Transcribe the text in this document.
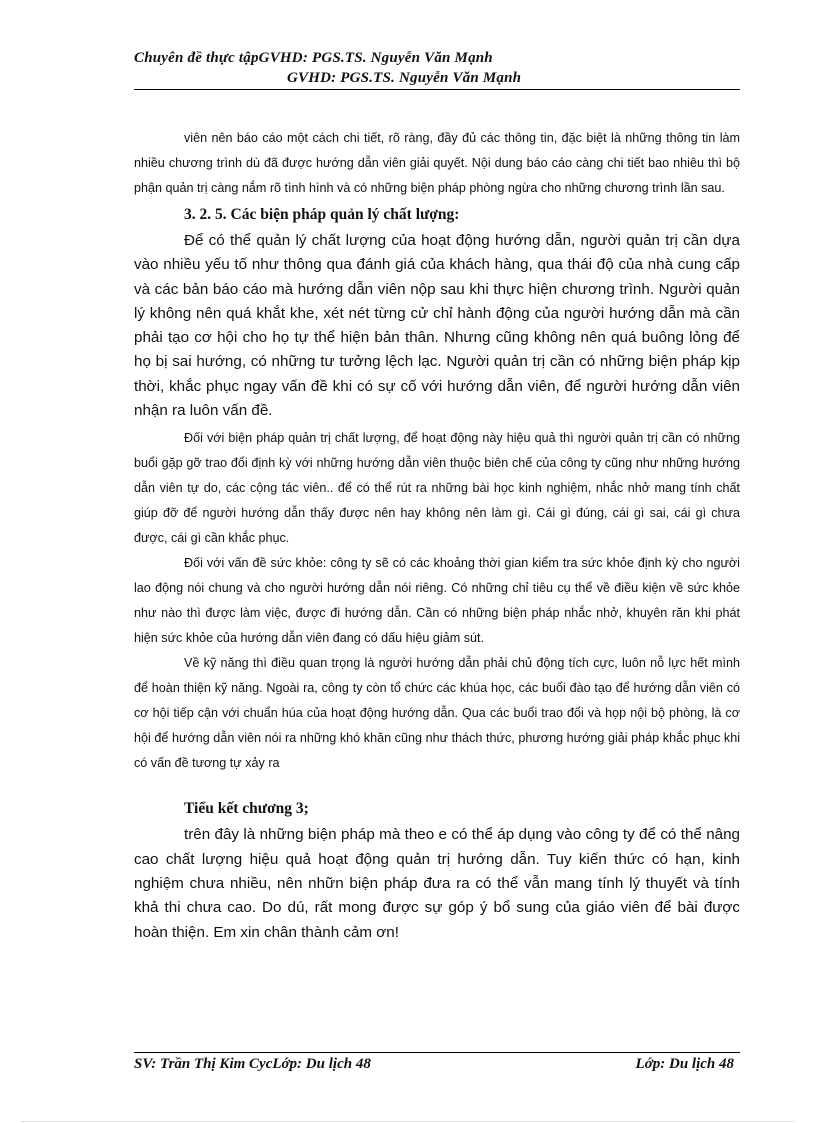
Chuyên đề thực tậpGVHD: PGS.TS. Nguyễn Văn Mạnh
GVHD: PGS.TS. Nguyễn Văn Mạnh

viên nên báo cáo một cách chi tiết, rõ ràng, đầy đủ các thông tin, đặc biệt là những thông tin làm nhiều chương trình dù đã được hướng dẫn viên giải quyết. Nội dung báo cáo càng chi tiết bao nhiêu thì bộ phận quản trị càng nắm rõ tình hình và có những biện pháp phòng ngừa cho những chương trình lần sau.

3. 2. 5. Các biện pháp quản lý chất lượng:

Để có thể quản lý chất lượng của hoạt động hướng dẫn, người quản trị cần dựa vào nhiều yếu tố như thông qua đánh giá của khách hàng, qua thái độ của nhà cung cấp và các bản báo cáo mà hướng dẫn viên nộp sau khi thực hiện chương trình. Người quản lý không nên quá khắt khe, xét nét từng cử chỉ hành động của người hướng dẫn mà cần phải tạo cơ hội cho họ tự thể hiện bản thân. Nhưng cũng không nên quá buông lỏng để họ bị sai hướng, có những tư tưởng lệch lạc. Người quản trị cần có những biện pháp kịp thời, khắc phục ngay vấn đề khi có sự cố với hướng dẫn viên, để người hướng dẫn viên nhận ra luôn vấn đề.

Đối với biện pháp quản trị chất lượng, để hoạt động này hiệu quả thì người quản trị cần có những buổi gặp gỡ trao đổi định kỳ với những hướng dẫn viên thuộc biên chế của công ty cũng như những hướng dẫn viên tự do, các cộng tác viên.. để có thể rút ra những bài học kinh nghiệm, nhắc nhở mang tính chất giúp đỡ để người hướng dẫn thấy được nên hay không nên làm gì. Cái gì đúng, cái gì sai, cái gì chưa được, cái gì cần khắc phục.

Đối với vấn đề sức khỏe: công ty sẽ có các khoảng thời gian kiểm tra sức khỏe định kỳ cho người lao động nói chung và cho người hướng dẫn nói riêng. Có những chỉ tiêu cụ thể về điều kiện về sức khỏe như nào thì được làm việc, được đi hướng dẫn. Cần có những biện pháp nhắc nhở, khuyên răn khi phát hiện sức khỏe của hướng dẫn viên đang có dấu hiệu giảm sút.

Về kỹ năng thì điều quan trọng là người hướng dẫn phải chủ động tích cực, luôn nỗ lực hết mình để hoàn thiện kỹ năng. Ngoài ra, công ty còn tổ chức các khúa học, các buổi đào tạo để hướng dẫn viên có cơ hội tiếp cận với chuẩn húa của hoạt động hướng dẫn. Qua các buổi trao đổi và họp nội bộ phòng, là cơ hội để hướng dẫn viên nói ra những khó khăn cũng như thách thức, phương hướng giải pháp khắc phục khi có vấn đề tương tự xảy ra

Tiểu kết chương 3;

trên đây là những biện pháp mà theo e có thể áp dụng vào công ty để có thể nâng cao chất lượng hiệu quả hoạt động quản trị hướng dẫn. Tuy kiến thức có hạn, kinh nghiệm chưa nhiều, nên nhữn biện pháp đưa ra có thể vẫn mang tính lý thuyết và tính khả thi chưa cao. Do dú, rất mong được sự góp ý bổ sung của giáo viên để bài được hoàn thiện. Em xin chân thành cảm ơn!

SV: Trần Thị Kim CycLớp: Du lịch 48	Lớp: Du lịch 48
